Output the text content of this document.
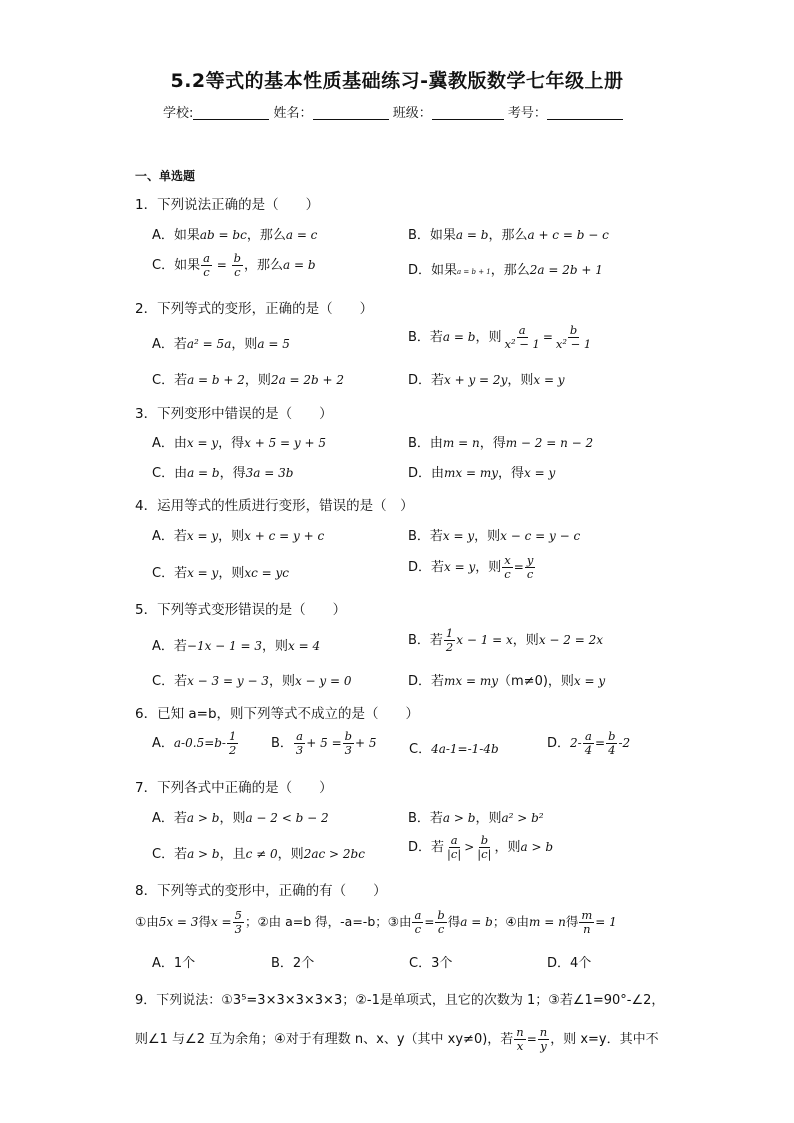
5.2等式的基本性质基础练习-冀教版数学七年级上册
学校:	姓名：	班级：	考号：
一、单选题
1．下列说法正确的是（　　）
A．如果ab = bc，那么a = c	B．如果a = b，那么a + c = b − c
C．如果 $\frac{a}{c} = \frac{b}{c}$ ，那么a = b	D．如果a = b + 1，那么2a = 2b + 1
2．下列等式的变形，正确的是（　　）
A．若a² = 5a，则a = 5	B．若a = b，则 $\frac{a}{\text{x² − 1}} = \frac{b}{\text{x² − 1}}$
C．若a = b + 2，则2a = 2b + 2	D．若x + y = 2y，则x = y
3．下列变形中错误的是（　　）
A．由x = y，得x + 5 = y + 5	B．由m = n，得m − 2 = n − 2
C．由a = b，得3a = 3b	D．由mx = my，得x = y
4．运用等式的性质进行变形，错误的是（　）
A．若x = y，则x + c = y + c	B．若x = y，则x − c = y − c
C．若x = y，则xc = yc	D．若x = y，则 $\frac{x}{c} = \frac{y}{c}$
5．下列等式变形错误的是（　　）
A．若−1x − 1 = 3，则x = 4	B．若 $\frac{1}{2}$ x − 1 = x，则x − 2 = 2x
C．若x − 3 = y − 3，则x − y = 0	D．若mx = my（m≠0)，则x = y
6．已知 a=b，则下列等式不成立的是（　　）
A．$a-0.5=b- \frac{1}{2}$	B． $\frac{a}{3} + 5 = \frac{b}{3} + 5$ C．4a-1=-1-4b	D．$2- \frac{a}{4} = \frac{b}{4} -2$
7．下列各式中正确的是（　　）
A．若a > b，则a − 2 < b − 2	B．若a > b，则a² > b²
C．若a > b，且c ≠ 0，则2ac > 2bc	D．若 $\frac{a}{|c|} > \frac{b}{|c|}$ ，则a > b
8．下列等式的变形中，正确的有（　　）
①由5x = 3得$x = \frac{5}{3}$ ；②由 a=b 得，-a=-b；③由 $\frac{a}{c} = \frac{b}{c}$ 得a = b；④由m = n得 $\frac{m}{n} = 1$
A．1个	B．2个	C．3个	D．4个
9．下列说法：①3⁵=3×3×3×3×3；②-1是单项式，且它的次数为 1；③若∠1=90°-∠2，
则∠1 与∠2 互为余角；④对于有理数 n、x、y（其中 xy≠0)，若 $\frac{n}{x} = \frac{n}{y}$ ，则 x=y．其中不
